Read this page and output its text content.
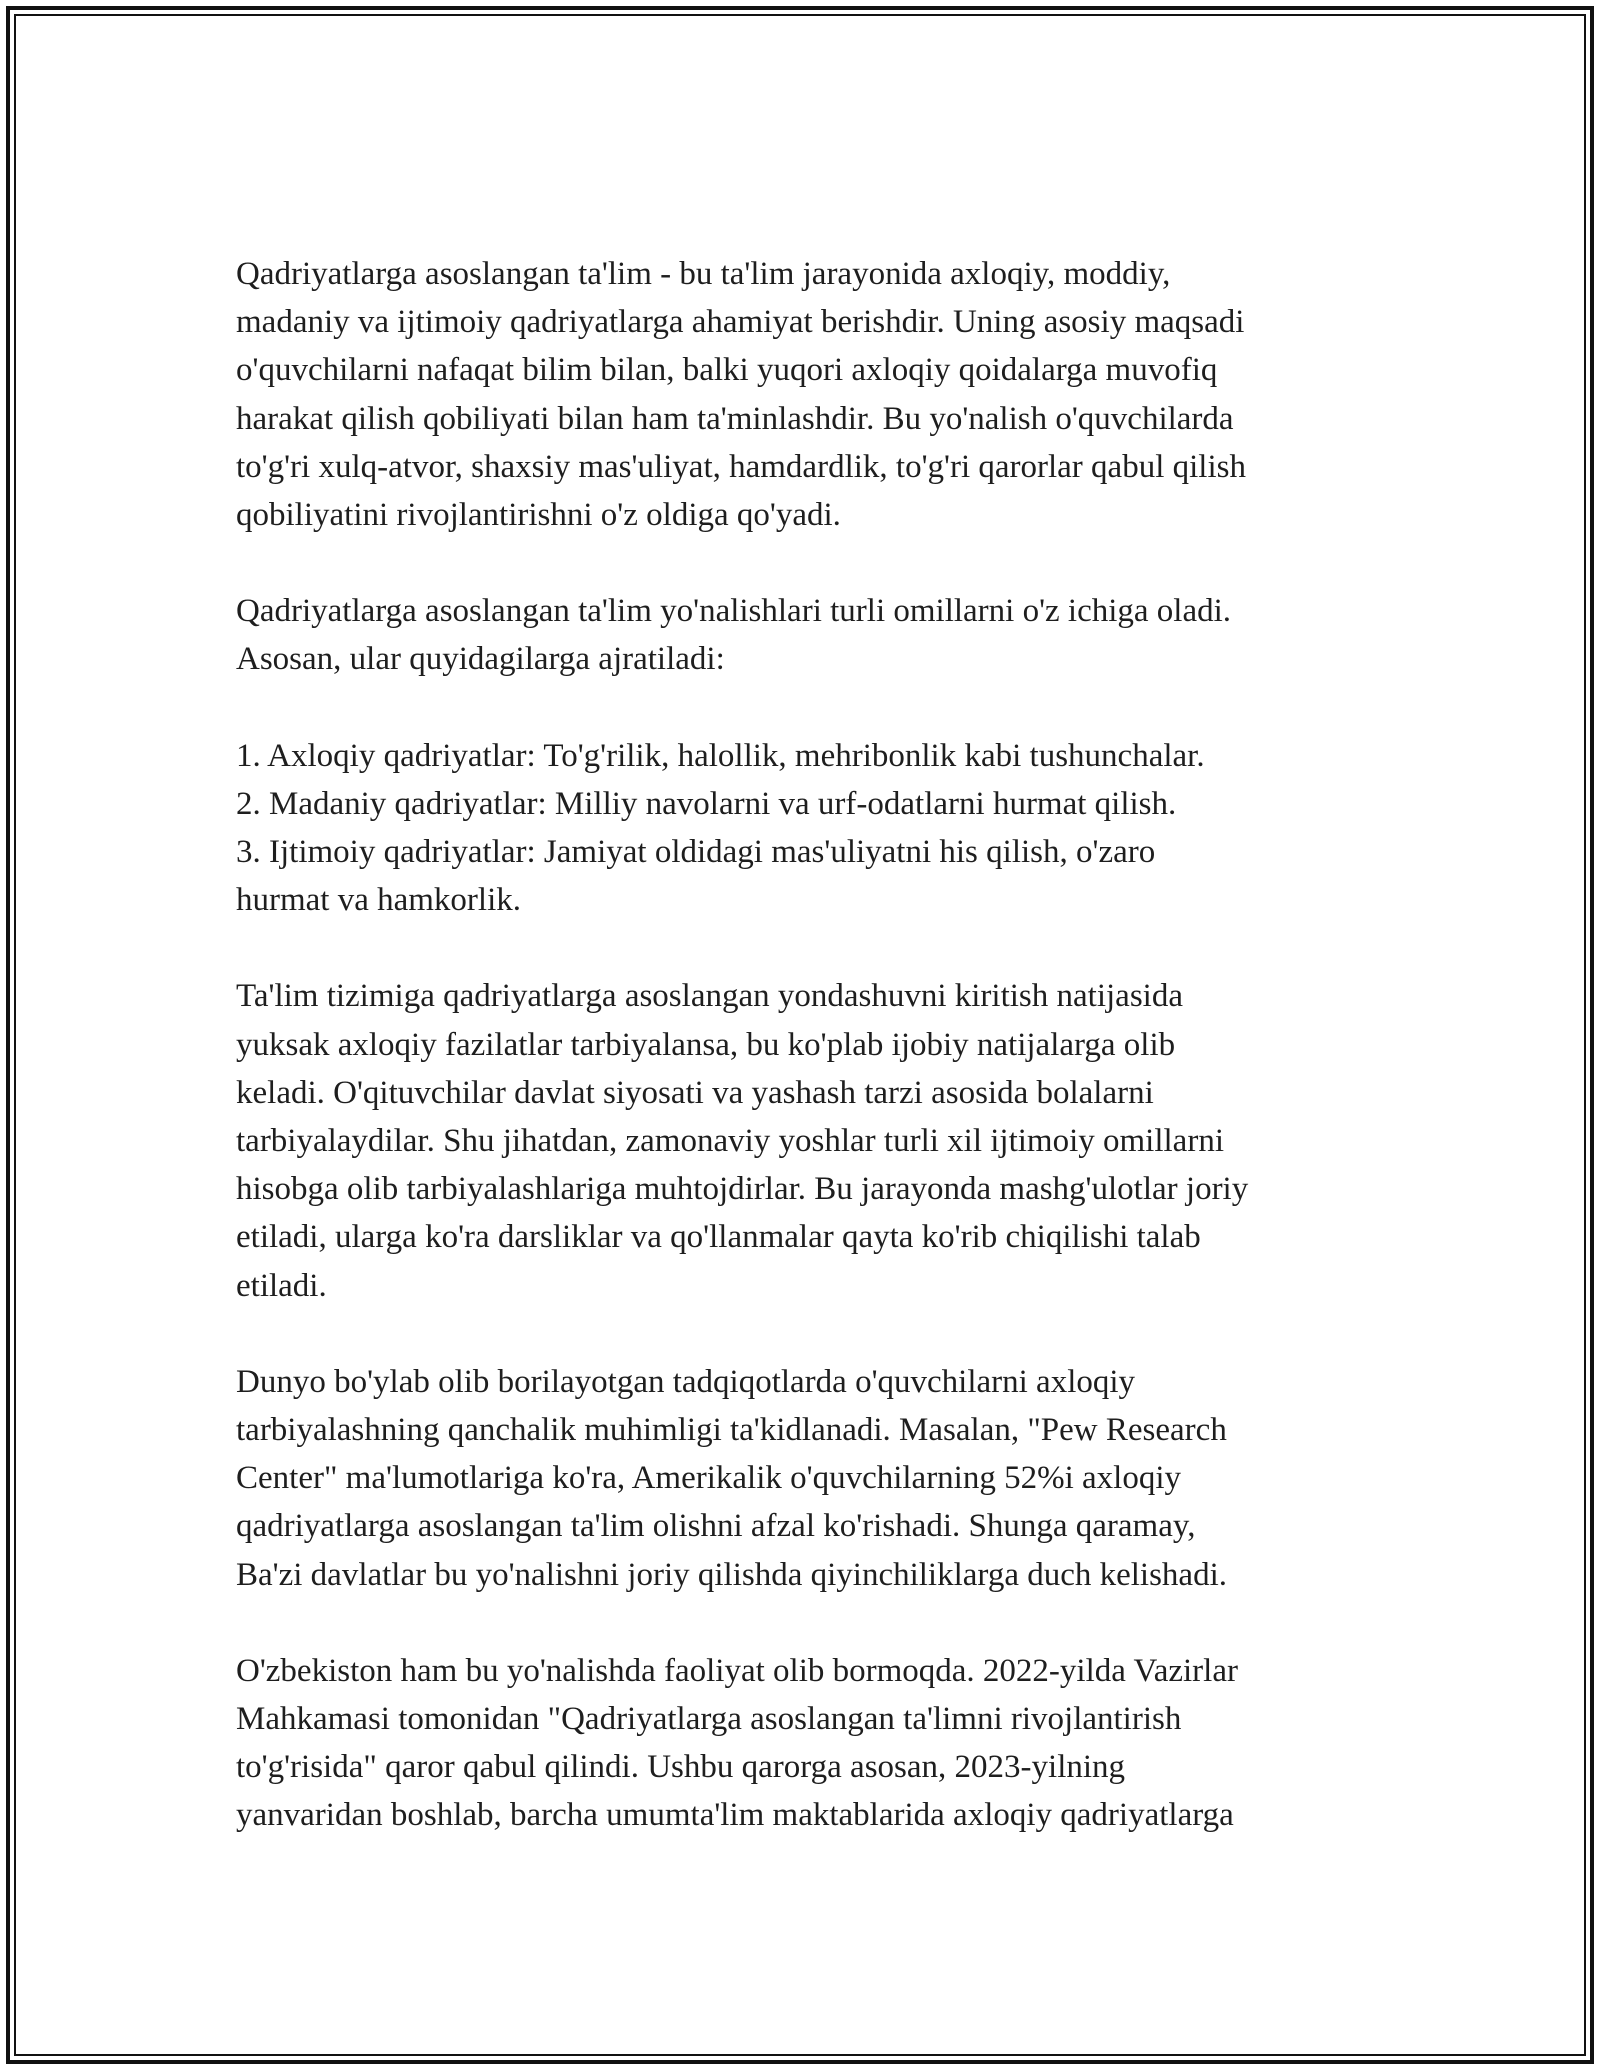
Qadriyatlarga asoslangan ta'lim - bu ta'lim jarayonida axloqiy, moddiy,
madaniy va ijtimoiy qadriyatlarga ahamiyat berishdir. Uning asosiy maqsadi
o'quvchilarni nafaqat bilim bilan, balki yuqori axloqiy qoidalarga muvofiq
harakat qilish qobiliyati bilan ham ta'minlashdir. Bu yo'nalish o'quvchilarda
to'g'ri xulq-atvor, shaxsiy mas'uliyat, hamdardlik, to'g'ri qarorlar qabul qilish
qobiliyatini rivojlantirishni o'z oldiga qo'yadi.

Qadriyatlarga asoslangan ta'lim yo'nalishlari turli omillarni o'z ichiga oladi.
Asosan, ular quyidagilarga ajratiladi:

1. Axloqiy qadriyatlar: To'g'rilik, halollik, mehribonlik kabi tushunchalar.
2. Madaniy qadriyatlar: Milliy navolarni va urf-odatlarni hurmat qilish.
3. Ijtimoiy qadriyatlar: Jamiyat oldidagi mas'uliyatni his qilish, o'zaro
hurmat va hamkorlik.

Ta'lim tizimiga qadriyatlarga asoslangan yondashuvni kiritish natijasida
yuksak axloqiy fazilatlar tarbiyalansa, bu ko'plab ijobiy natijalarga olib
keladi. O'qituvchilar davlat siyosati va yashash tarzi asosida bolalarni
tarbiyalaydilar. Shu jihatdan, zamonaviy yoshlar turli xil ijtimoiy omillarni
hisobga olib tarbiyalashlariga muhtojdirlar. Bu jarayonda mashg'ulotlar joriy
etiladi, ularga ko'ra darsliklar va qo'llanmalar qayta ko'rib chiqilishi talab
etiladi.

Dunyo bo'ylab olib borilayotgan tadqiqotlarda o'quvchilarni axloqiy
tarbiyalashning qanchalik muhimligi ta'kidlanadi. Masalan, "Pew Research
Center" ma'lumotlariga ko'ra, Amerikalik o'quvchilarning 52%i axloqiy
qadriyatlarga asoslangan ta'lim olishni afzal ko'rishadi. Shunga qaramay,
Ba'zi davlatlar bu yo'nalishni joriy qilishda qiyinchiliklarga duch kelishadi.

O'zbekiston ham bu yo'nalishda faoliyat olib bormoqda. 2022-yilda Vazirlar
Mahkamasi tomonidan "Qadriyatlarga asoslangan ta'limni rivojlantirish
to'g'risida" qaror qabul qilindi. Ushbu qarorga asosan, 2023-yilning
yanvaridan boshlab, barcha umumta'lim maktablarida axloqiy qadriyatlarga
